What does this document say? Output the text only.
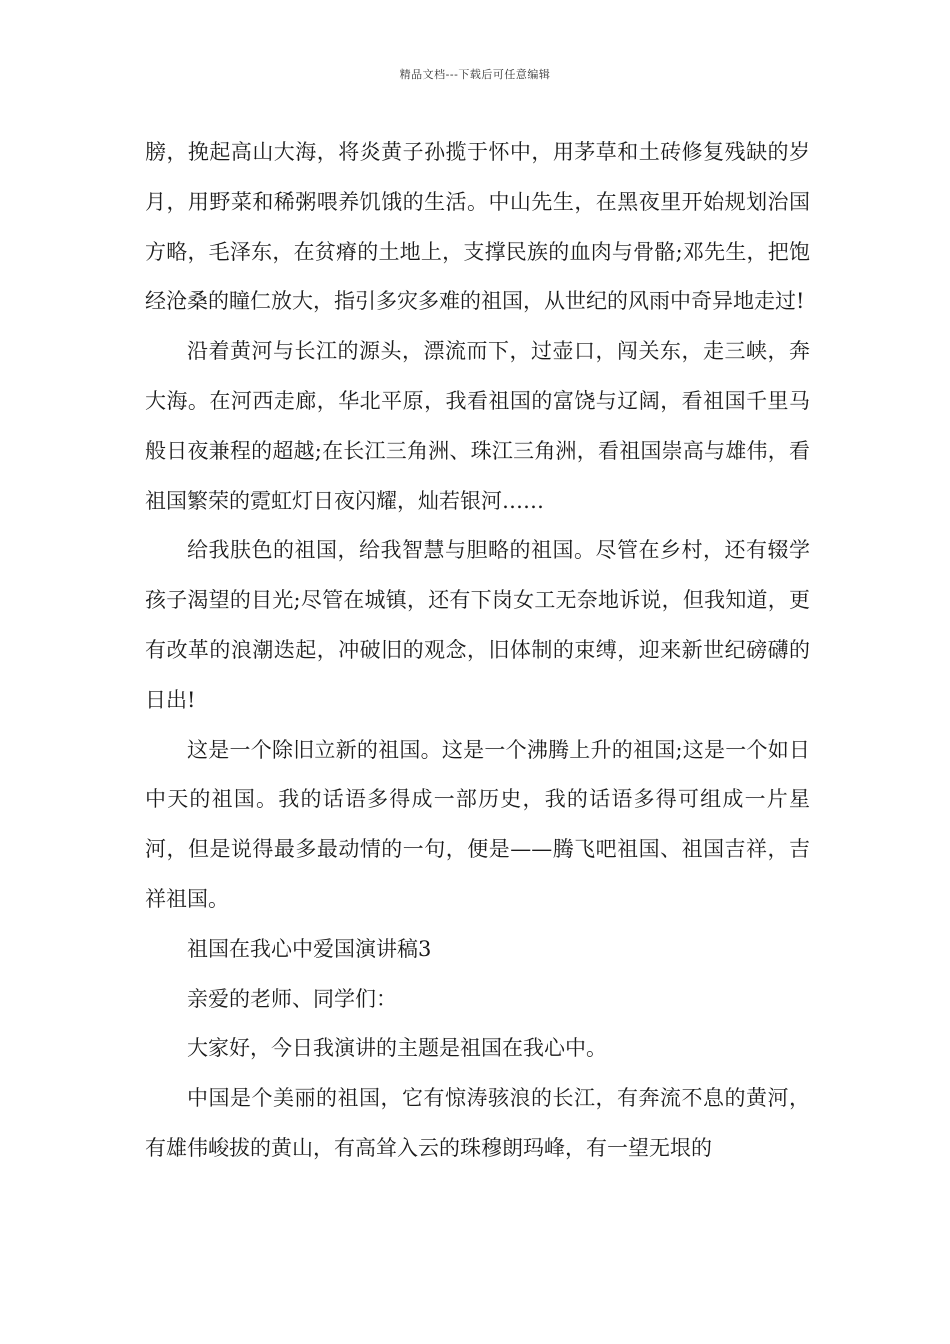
精品文档---下载后可任意编辑

膀，挽起高山大海，将炎黄子孙揽于怀中，用茅草和土砖修复残缺的岁月，用野菜和稀粥喂养饥饿的生活。中山先生，在黑夜里开始规划治国方略，毛泽东，在贫瘠的土地上，支撑民族的血肉与骨骼;邓先生，把饱经沧桑的瞳仁放大，指引多灾多难的祖国，从世纪的风雨中奇异地走过!

沿着黄河与长江的源头，漂流而下，过壶口，闯关东，走三峡，奔大海。在河西走廊，华北平原，我看祖国的富饶与辽阔，看祖国千里马般日夜兼程的超越;在长江三角洲、珠江三角洲，看祖国崇高与雄伟，看祖国繁荣的霓虹灯日夜闪耀，灿若银河……

给我肤色的祖国，给我智慧与胆略的祖国。尽管在乡村，还有辍学孩子渴望的目光;尽管在城镇，还有下岗女工无奈地诉说，但我知道，更有改革的浪潮迭起，冲破旧的观念，旧体制的束缚，迎来新世纪磅礴的日出!

这是一个除旧立新的祖国。这是一个沸腾上升的祖国;这是一个如日中天的祖国。我的话语多得成一部历史，我的话语多得可组成一片星河，但是说得最多最动情的一句，便是——腾飞吧祖国、祖国吉祥，吉祥祖国。

祖国在我心中爱国演讲稿3

亲爱的老师、同学们：

大家好，今日我演讲的主题是祖国在我心中。

中国是个美丽的祖国，它有惊涛骇浪的长江，有奔流不息的黄河，有雄伟峻拔的黄山，有高耸入云的珠穆朗玛峰，有一望无垠的
